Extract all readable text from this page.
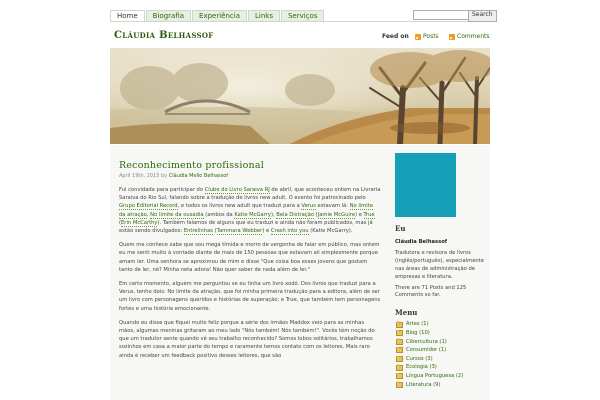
Home	Biografia	Experiência	Links	Serviços	Search
Cláudia Belhassof	Feed on Posts	Comments
Reconhecimento profissional
April 19th, 2015 by Cláudia Mello Belhassof

Fui convidada para participar do Clube do Livro Saraiva RJ de abril, que aconteceu ontem na Livraria Saraiva do Rio Sul, falando sobre a tradução de livros new adult. O evento foi patrocinado pelo Grupo Editorial Record, e todos os livros new adult que traduzi para a Verus estavam lá: No limite da atração, No limite da ousadia (ambos da Katie McGarry), Bela Distração (Jamie McGuire) e True (Erin McCarthy). Também falamos de alguns que eu traduzi e ainda não foram publicados, mas já estão sendo divulgados: Entrelinhas (Tammara Webber) e Crash into you (Katie McGarry).

Quem me conhece sabe que sou mega tímida e morro de vergonha de falar em público, mas ontem eu me senti muito à vontade diante de mais de 150 pessoas que estavam ali simplesmente porque amam ler. Uma senhora se aproximou de mim e disse "Que coisa boa esses jovens que gostam tanto de ler, né? Minha neta adora! Não quer saber de nada além de ler."

Em certo momento, alguém me perguntou se eu tinha um livro xodó. Dos livros que traduzi para a Verus, tenho dois: No limite da atração, que foi minha primeira tradução para a editora, além de ser um livro com personagens queridos e histórias de superação; e True, que também tem personagens fortes e uma história emocionante.

Quando eu disse que fiquei muito feliz porque a série dos irmãos Maddox veio para as minhas mãos, algumas meninas gritaram ao meu lado "Nós também! Nós também!". Vocês têm noção do que um tradutor sente quando vê seu trabalho reconhecido? Somos lobos solitários, trabalhamos sozinhos em casa a maior parte do tempo e raramente temos contato com os leitores. Mais raro ainda é receber um feedback positivo desses leitores, que são

Eu

Cláudia Belhassof

Tradutora e revisora de livros (inglês/português), especialmente nas áreas de administração de empresas e literatura.

There are 71 Posts and 125 Comments so far.

Menu
Artes (1)
Blog (10)
Cibercultura (1)
Consumidor (1)
Cursos (3)
Ecologia (3)
Língua Portuguesa (2)
Literatura (9)
